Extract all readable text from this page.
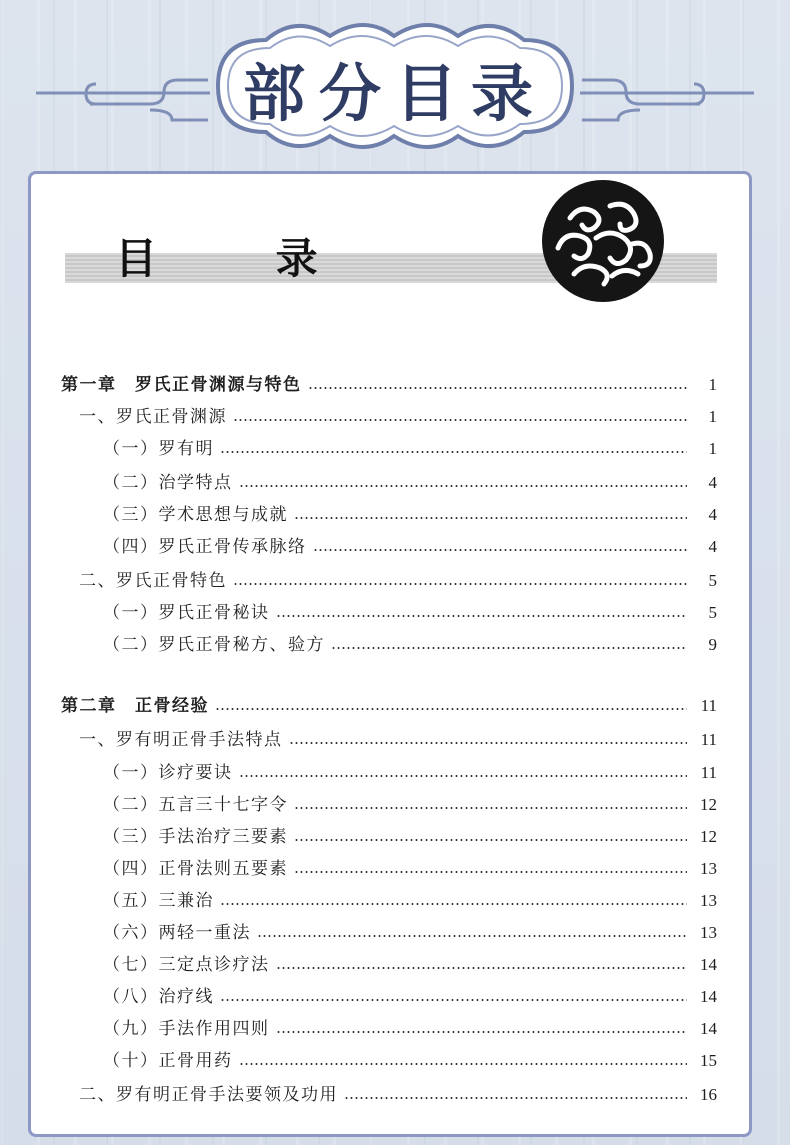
部分目录
目 录
第一章　罗氏正骨渊源与特色	1
一、罗氏正骨渊源	1
（一）罗有明	1
（二）治学特点	4
（三）学术思想与成就	4
（四）罗氏正骨传承脉络	4
二、罗氏正骨特色	5
（一）罗氏正骨秘诀	5
（二）罗氏正骨秘方、验方	9
第二章　正骨经验	11
一、罗有明正骨手法特点	11
（一）诊疗要诀	11
（二）五言三十七字令	12
（三）手法治疗三要素	12
（四）正骨法则五要素	13
（五）三兼治	13
（六）两轻一重法	13
（七）三定点诊疗法	14
（八）治疗线	14
（九）手法作用四则	14
（十）正骨用药	15
二、罗有明正骨手法要领及功用	16
